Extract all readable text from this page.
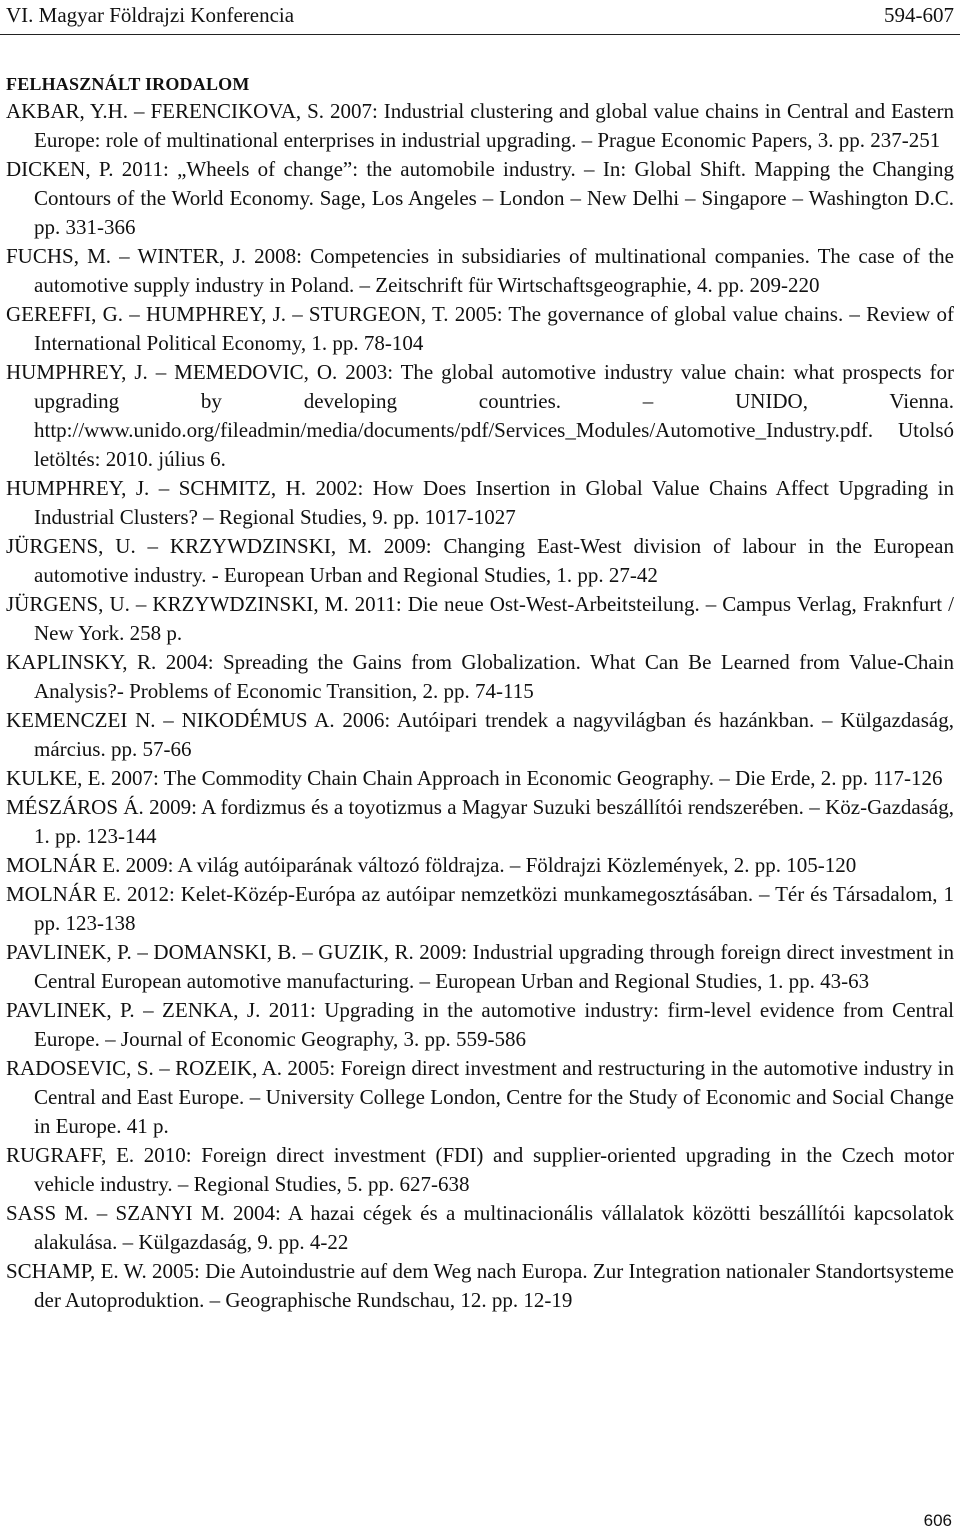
VI. Magyar Földrajzi Konferencia	594-607
FELHASZNÁLT IRODALOM
AKBAR, Y.H. – FERENCIKOVA, S. 2007: Industrial clustering and global value chains in Central and Eastern Europe: role of multinational enterprises in industrial upgrading. – Prague Economic Papers, 3. pp. 237-251
DICKEN, P. 2011: „Wheels of change”: the automobile industry. – In: Global Shift. Mapping the Changing Contours of the World Economy. Sage, Los Angeles – London – New Delhi – Singapore – Washington D.C. pp. 331-366
FUCHS, M. – WINTER, J. 2008: Competencies in subsidiaries of multinational companies. The case of the automotive supply industry in Poland. – Zeitschrift für Wirtschaftsgeographie, 4. pp. 209-220
GEREFFI, G. – HUMPHREY, J. – STURGEON, T. 2005: The governance of global value chains. – Review of International Political Economy, 1. pp. 78-104
HUMPHREY, J. – MEMEDOVIC, O. 2003: The global automotive industry value chain: what prospects for upgrading by developing countries. – UNIDO, Vienna. http://www.unido.org/fileadmin/media/documents/pdf/Services_Modules/Automotive_Industry.pdf. Utolsó letöltés: 2010. július 6.
HUMPHREY, J. – SCHMITZ, H. 2002: How Does Insertion in Global Value Chains Affect Upgrading in Industrial Clusters? – Regional Studies, 9. pp. 1017-1027
JÜRGENS, U. – KRZYWDZINSKI, M. 2009: Changing East-West division of labour in the European automotive industry. - European Urban and Regional Studies, 1. pp. 27-42
JÜRGENS, U. – KRZYWDZINSKI, M. 2011: Die neue Ost-West-Arbeitsteilung. – Campus Verlag, Fraknfurt / New York. 258 p.
KAPLINSKY, R. 2004: Spreading the Gains from Globalization. What Can Be Learned from Value-Chain Analysis?- Problems of Economic Transition, 2. pp. 74-115
KEMENCZEI N. – NIKODÉMUS A. 2006: Autóipari trendek a nagyvilágban és hazánkban. – Külgazdaság, március. pp. 57-66
KULKE, E. 2007: The Commodity Chain Chain Approach in Economic Geography. – Die Erde, 2. pp. 117-126
MÉSZÁROS Á. 2009: A fordizmus és a toyotizmus a Magyar Suzuki beszállítói rendszerében. – Köz-Gazdaság, 1. pp. 123-144
MOLNÁR E. 2009: A világ autóiparának változó földrajza. – Földrajzi Közlemények, 2. pp. 105-120
MOLNÁR E. 2012: Kelet-Közép-Európa az autóipar nemzetközi munkamegosztásában. – Tér és Társadalom, 1 pp. 123-138
PAVLINEK, P. – DOMANSKI, B. – GUZIK, R. 2009: Industrial upgrading through foreign direct investment in Central European automotive manufacturing. – European Urban and Regional Studies, 1. pp. 43-63
PAVLINEK, P. – ZENKA, J. 2011: Upgrading in the automotive industry: firm-level evidence from Central Europe. – Journal of Economic Geography, 3. pp. 559-586
RADOSEVIC, S. – ROZEIK, A. 2005: Foreign direct investment and restructuring in the automotive industry in Central and East Europe. – University College London, Centre for the Study of Economic and Social Change in Europe. 41 p.
RUGRAFF, E. 2010: Foreign direct investment (FDI) and supplier-oriented upgrading in the Czech motor vehicle industry. – Regional Studies, 5. pp. 627-638
SASS M. – SZANYI M. 2004: A hazai cégek és a multinacionális vállalatok közötti beszállítói kapcsolatok alakulása. – Külgazdaság, 9. pp. 4-22
SCHAMP, E. W. 2005: Die Autoindustrie auf dem Weg nach Europa. Zur Integration nationaler Standortsysteme der Autoproduktion. – Geographische Rundschau, 12. pp. 12-19
606
